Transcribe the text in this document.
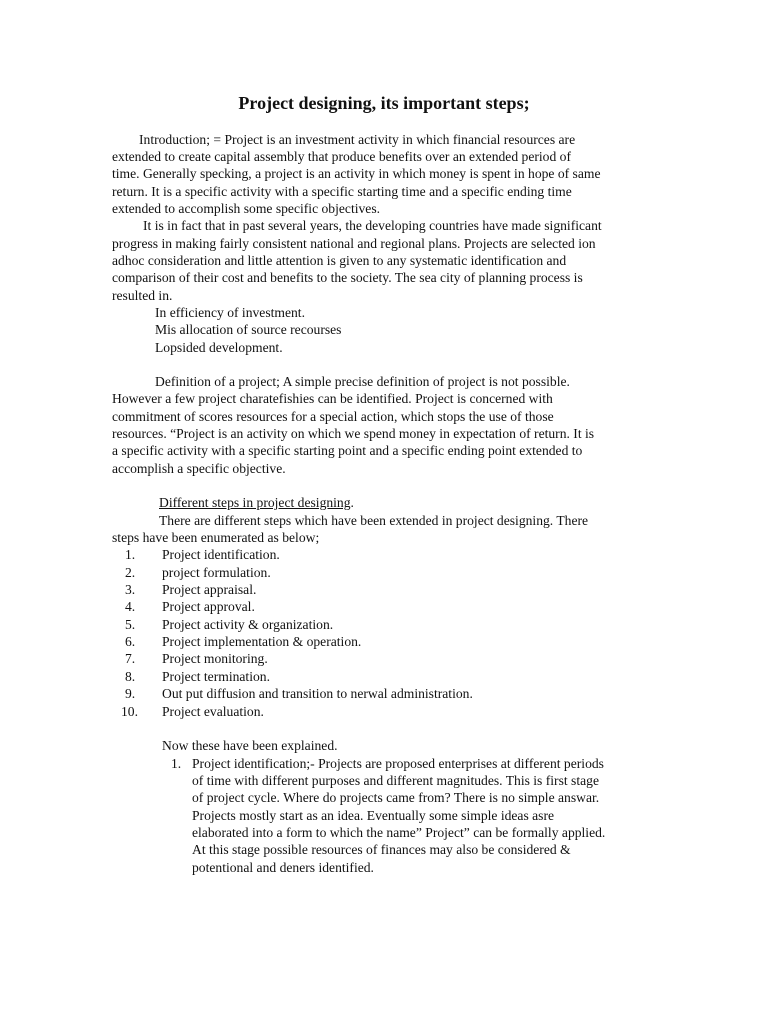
Project designing, its important steps;
Introduction; = Project is an investment activity in which financial resources are
extended to create capital assembly that produce benefits over an extended period of
time. Generally specking, a project is an activity in which money is spent in hope of same
return. It is a specific activity with a specific starting time and a specific ending time
extended to accomplish some specific objectives.
It is in fact that in past several years, the developing countries have made significant
progress in making fairly consistent national and regional plans. Projects are selected ion
adhoc consideration and little attention is given to any systematic identification and
comparison of their cost and benefits to the society. The sea city of planning process is
resulted in.
In efficiency of investment.
Mis allocation of source recourses
Lopsided development.
Definition of a project; A simple precise definition of project is not possible.
However a few project charatefishies can be identified. Project is concerned with
commitment of scores resources for a special action, which stops the use of those
resources. “Project is an activity on which we spend money in expectation of return. It is
a specific activity with a specific starting point and a specific ending point extended to
accomplish a specific objective.
Different steps in project designing.
There are different steps which have been extended in project designing. There
steps have been enumerated as below;
1. Project identification.
2. project formulation.
3. Project appraisal.
4. Project approval.
5. Project activity & organization.
6. Project implementation & operation.
7. Project monitoring.
8. Project termination.
9. Out put diffusion and transition to nerwal administration.
10. Project evaluation.
Now these have been explained.
1. Project identification;- Projects are proposed enterprises at different periods
of time with different purposes and different magnitudes. This is first stage
of project cycle. Where do projects came from? There is no simple answar.
Projects mostly start as an idea. Eventually some simple ideas asre
elaborated into a form to which the name” Project” can be formally applied.
At this stage possible resources of finances may also be considered &
potentional and deners identified.
